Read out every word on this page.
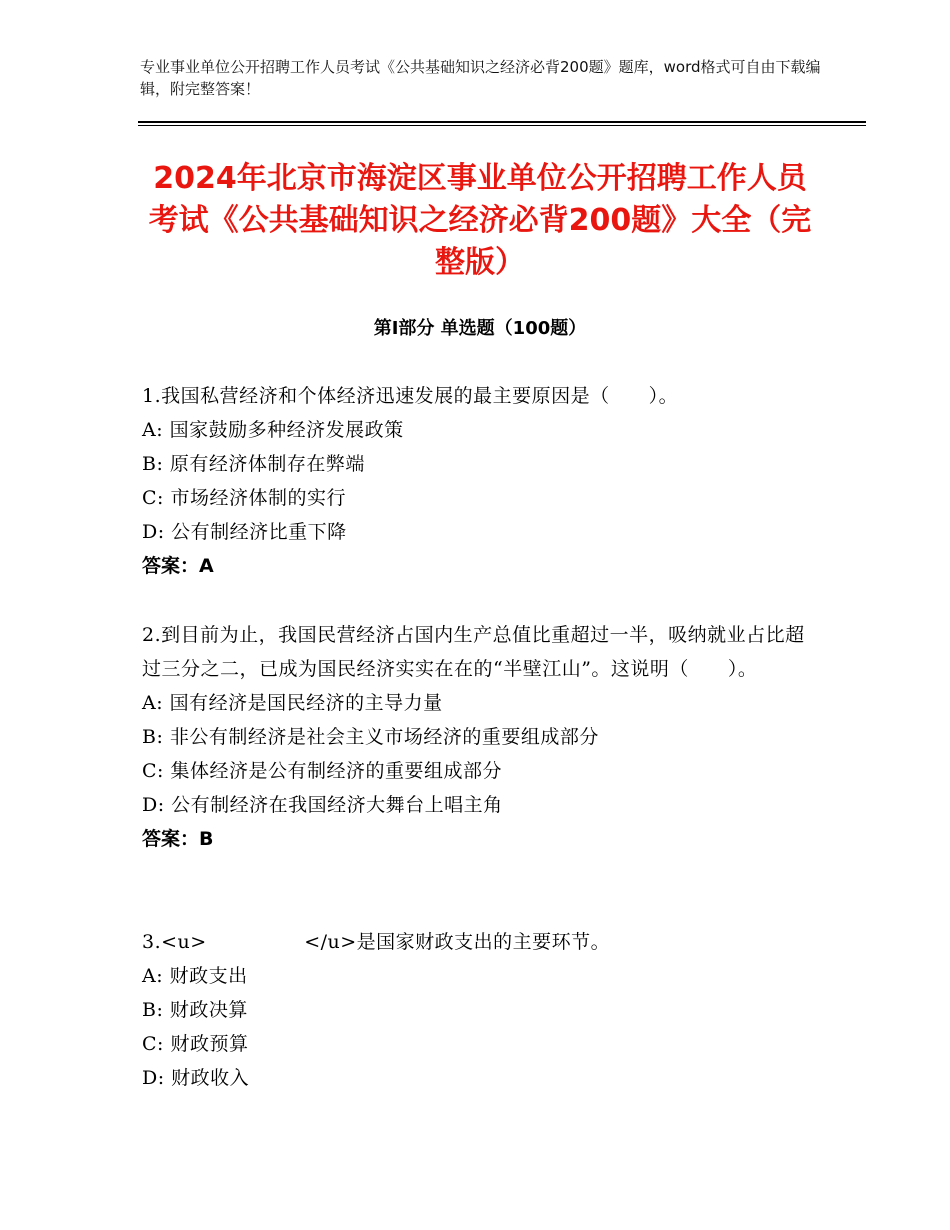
专业事业单位公开招聘工作人员考试《公共基础知识之经济必背200题》题库，word格式可自由下载编辑，附完整答案！
2024年北京市海淀区事业单位公开招聘工作人员考试《公共基础知识之经济必背200题》大全（完整版）
第I部分 单选题（100题）
1.我国私营经济和个体经济迅速发展的最主要原因是（　　）。
A: 国家鼓励多种经济发展政策
B: 原有经济体制存在弊端
C: 市场经济体制的实行
D: 公有制经济比重下降
答案：A
2.到目前为止，我国民营经济占国内生产总值比重超过一半，吸纳就业占比超过三分之二，已成为国民经济实实在在的“半壁江山”。这说明（　　）。
A: 国有经济是国民经济的主导力量
B: 非公有制经济是社会主义市场经济的重要组成部分
C: 集体经济是公有制经济的重要组成部分
D: 公有制经济在我国经济大舞台上唱主角
答案：B
3.<u>　　　　　</u>是国家财政支出的主要环节。
A: 财政支出
B: 财政决算
C: 财政预算
D: 财政收入
